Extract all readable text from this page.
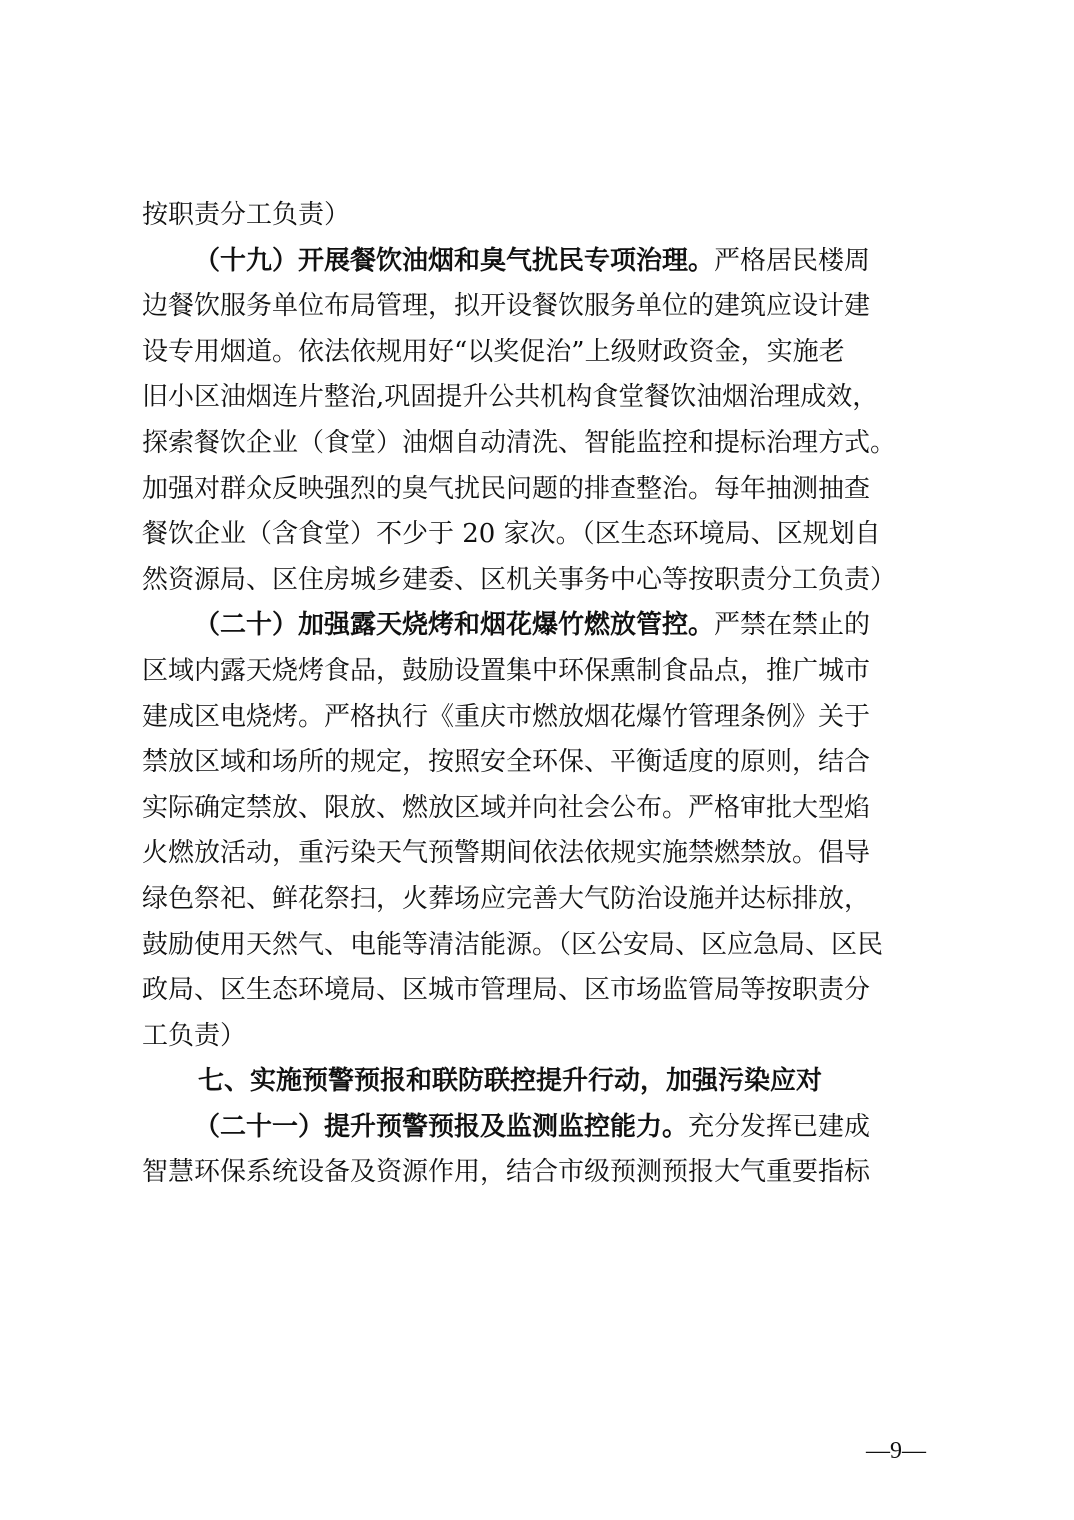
按职责分工负责）
（十九）开展餐饮油烟和臭气扰民专项治理。严格居民楼周
边餐饮服务单位布局管理，拟开设餐饮服务单位的建筑应设计建
设专用烟道。依法依规用好“以奖促治”上级财政资金，实施老
旧小区油烟连片整治,巩固提升公共机构食堂餐饮油烟治理成效，
探索餐饮企业（食堂）油烟自动清洗、智能监控和提标治理方式。
加强对群众反映强烈的臭气扰民问题的排查整治。每年抽测抽查
餐饮企业（含食堂）不少于 20 家次。（区生态环境局、区规划自
然资源局、区住房城乡建委、区机关事务中心等按职责分工负责）
（二十）加强露天烧烤和烟花爆竹燃放管控。严禁在禁止的
区域内露天烧烤食品，鼓励设置集中环保熏制食品点，推广城市
建成区电烧烤。严格执行《重庆市燃放烟花爆竹管理条例》关于
禁放区域和场所的规定，按照安全环保、平衡适度的原则，结合
实际确定禁放、限放、燃放区域并向社会公布。严格审批大型焰
火燃放活动，重污染天气预警期间依法依规实施禁燃禁放。倡导
绿色祭祀、鲜花祭扫，火葬场应完善大气防治设施并达标排放，
鼓励使用天然气、电能等清洁能源。（区公安局、区应急局、区民
政局、区生态环境局、区城市管理局、区市场监管局等按职责分
工负责）
七、实施预警预报和联防联控提升行动，加强污染应对
（二十一）提升预警预报及监测监控能力。充分发挥已建成
智慧环保系统设备及资源作用，结合市级预测预报大气重要指标
—9—
